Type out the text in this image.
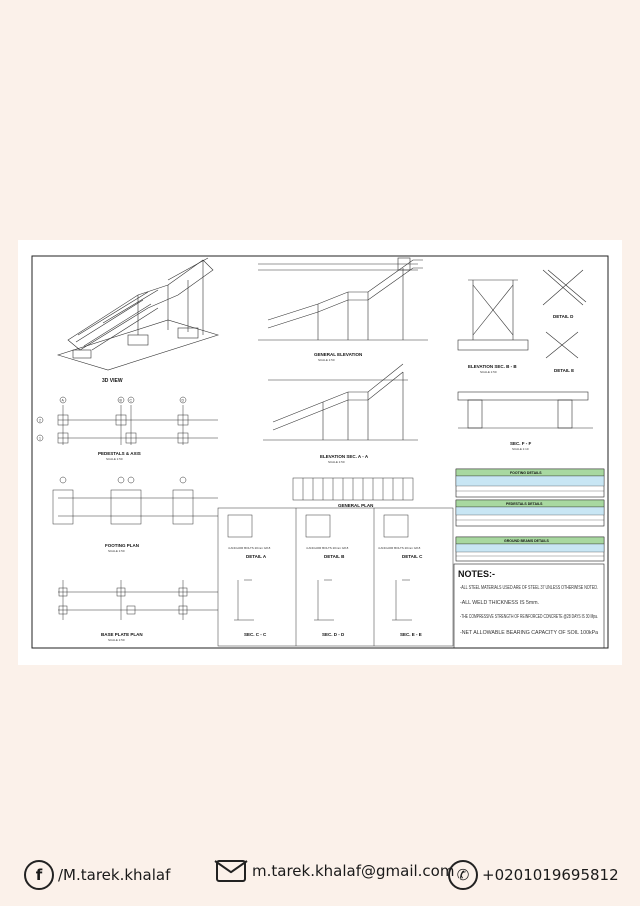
3D VIEW
GENERAL ELEVATION
SCALE 1:50
ELEVATION SEC. B - B
SCALE 1:50
DETAIL D
DETAIL E
A	B C	D
1
2
PEDESTALS & AXIS
SCALE 1:50	ELEVATION SEC. A - A
SCALE 1:50
SEC. F - F
SCALE 1:10
FOOTING PLAN
SCALE 1:50
GENERAL PLAN
BASE PLATE PLAN
SCALE 1:50
4 ANCHOR BOLTS 20mm G8.8	4 ANCHOR BOLTS 20mm G8.8	4 ANCHOR BOLTS 20mm G8.8
DETAIL A	DETAIL B	DETAIL C
SEC. C - C	SEC. D - D	SEC. E - E
FOOTING DETAILS
PEDESTALS DETAILS
GROUND BEAMS DETAILS
NOTES:-
-ALL STEEL MATERIALS USED ARE OF STEEL 37 UNLESS OTHERWISE NOTED.
-ALL WELD THICKNESS IS 5mm.
-THE COMPRESSIVE STRENGTH OF REINFORCED CONCRETE @28 DAYS IS 30 Mpa.
-NET ALLOWABLE BEARING CAPACITY OF SOIL 100kPa
f	/M.tarek.khalaf	m.tarek.khalaf@gmail.com ✆ +0201019695812
